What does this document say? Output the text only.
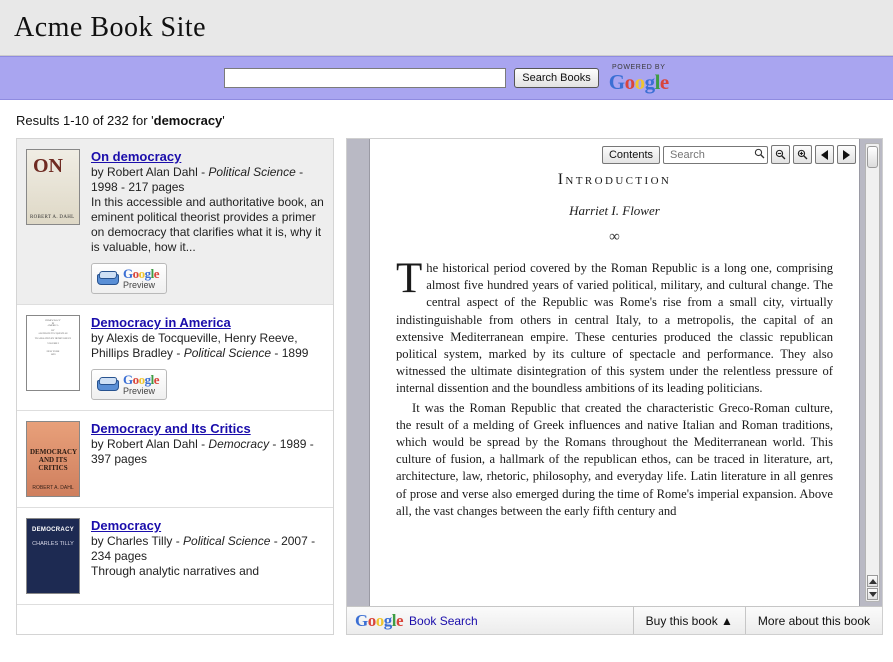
Acme Book Site
Search Books
POWERED BY
Google
Results 1-10 of 232 for 'democracy'
ON ROBERT A. DAHL
On democracy
by Robert Alan Dahl - Political Science - 1998 - 217 pages
In this accessible and authoritative book, an eminent political theorist provides a primer on democracy that clarifies what it is, why it is valuable, how it...
Google
Preview
DEMOCRACY
IN
AMERICA

BY
ALEXIS DE TOCQUEVILLE

TRANSLATED BY HENRY REEVE

VOLUME I

NEW YORK
1899
Democracy in America
by Alexis de Tocqueville, Henry Reeve, Phillips Bradley - Political Science - 1899
Google
Preview
DEMOCRACY AND ITS CRITICS
ROBERT A. DAHL
Democracy and Its Critics
by Robert Alan Dahl - Democracy - 1989 - 397 pages
DEMOCRACY
CHARLES TILLY
Democracy
by Charles Tilly - Political Science - 2007 - 234 pages
Through analytic narratives and
Introduction
Harriet I. Flower
∞

The historical period covered by the Roman Republic is a long one, comprising almost five hundred years of varied political, military, and cultural change. The central aspect of the Republic was Rome's rise from a small city, virtually indistinguishable from others in central Italy, to a metropolis, the capital of an extensive Mediterranean empire. These centuries produced the classic republican political system, marked by its culture of spectacle and performance. They also witnessed the ultimate disintegration of this system under the relentless pressure of internal dissention and the boundless ambitions of its leading politicians.

It was the Roman Republic that created the characteristic Greco-Roman culture, the result of a melding of Greek influences and native Italian and Roman traditions, which would be spread by the Romans throughout the Mediterranean world. This culture of fusion, a hallmark of the republican ethos, can be traced in literature, art, architecture, law, rhetoric, philosophy, and everyday life. Latin literature in all genres of prose and verse also emerged during the time of Rome's imperial expansion. Above all, the vast changes between the early fifth century and

Contents
Search
Google Book Search	Buy this book ▲	More about this book
